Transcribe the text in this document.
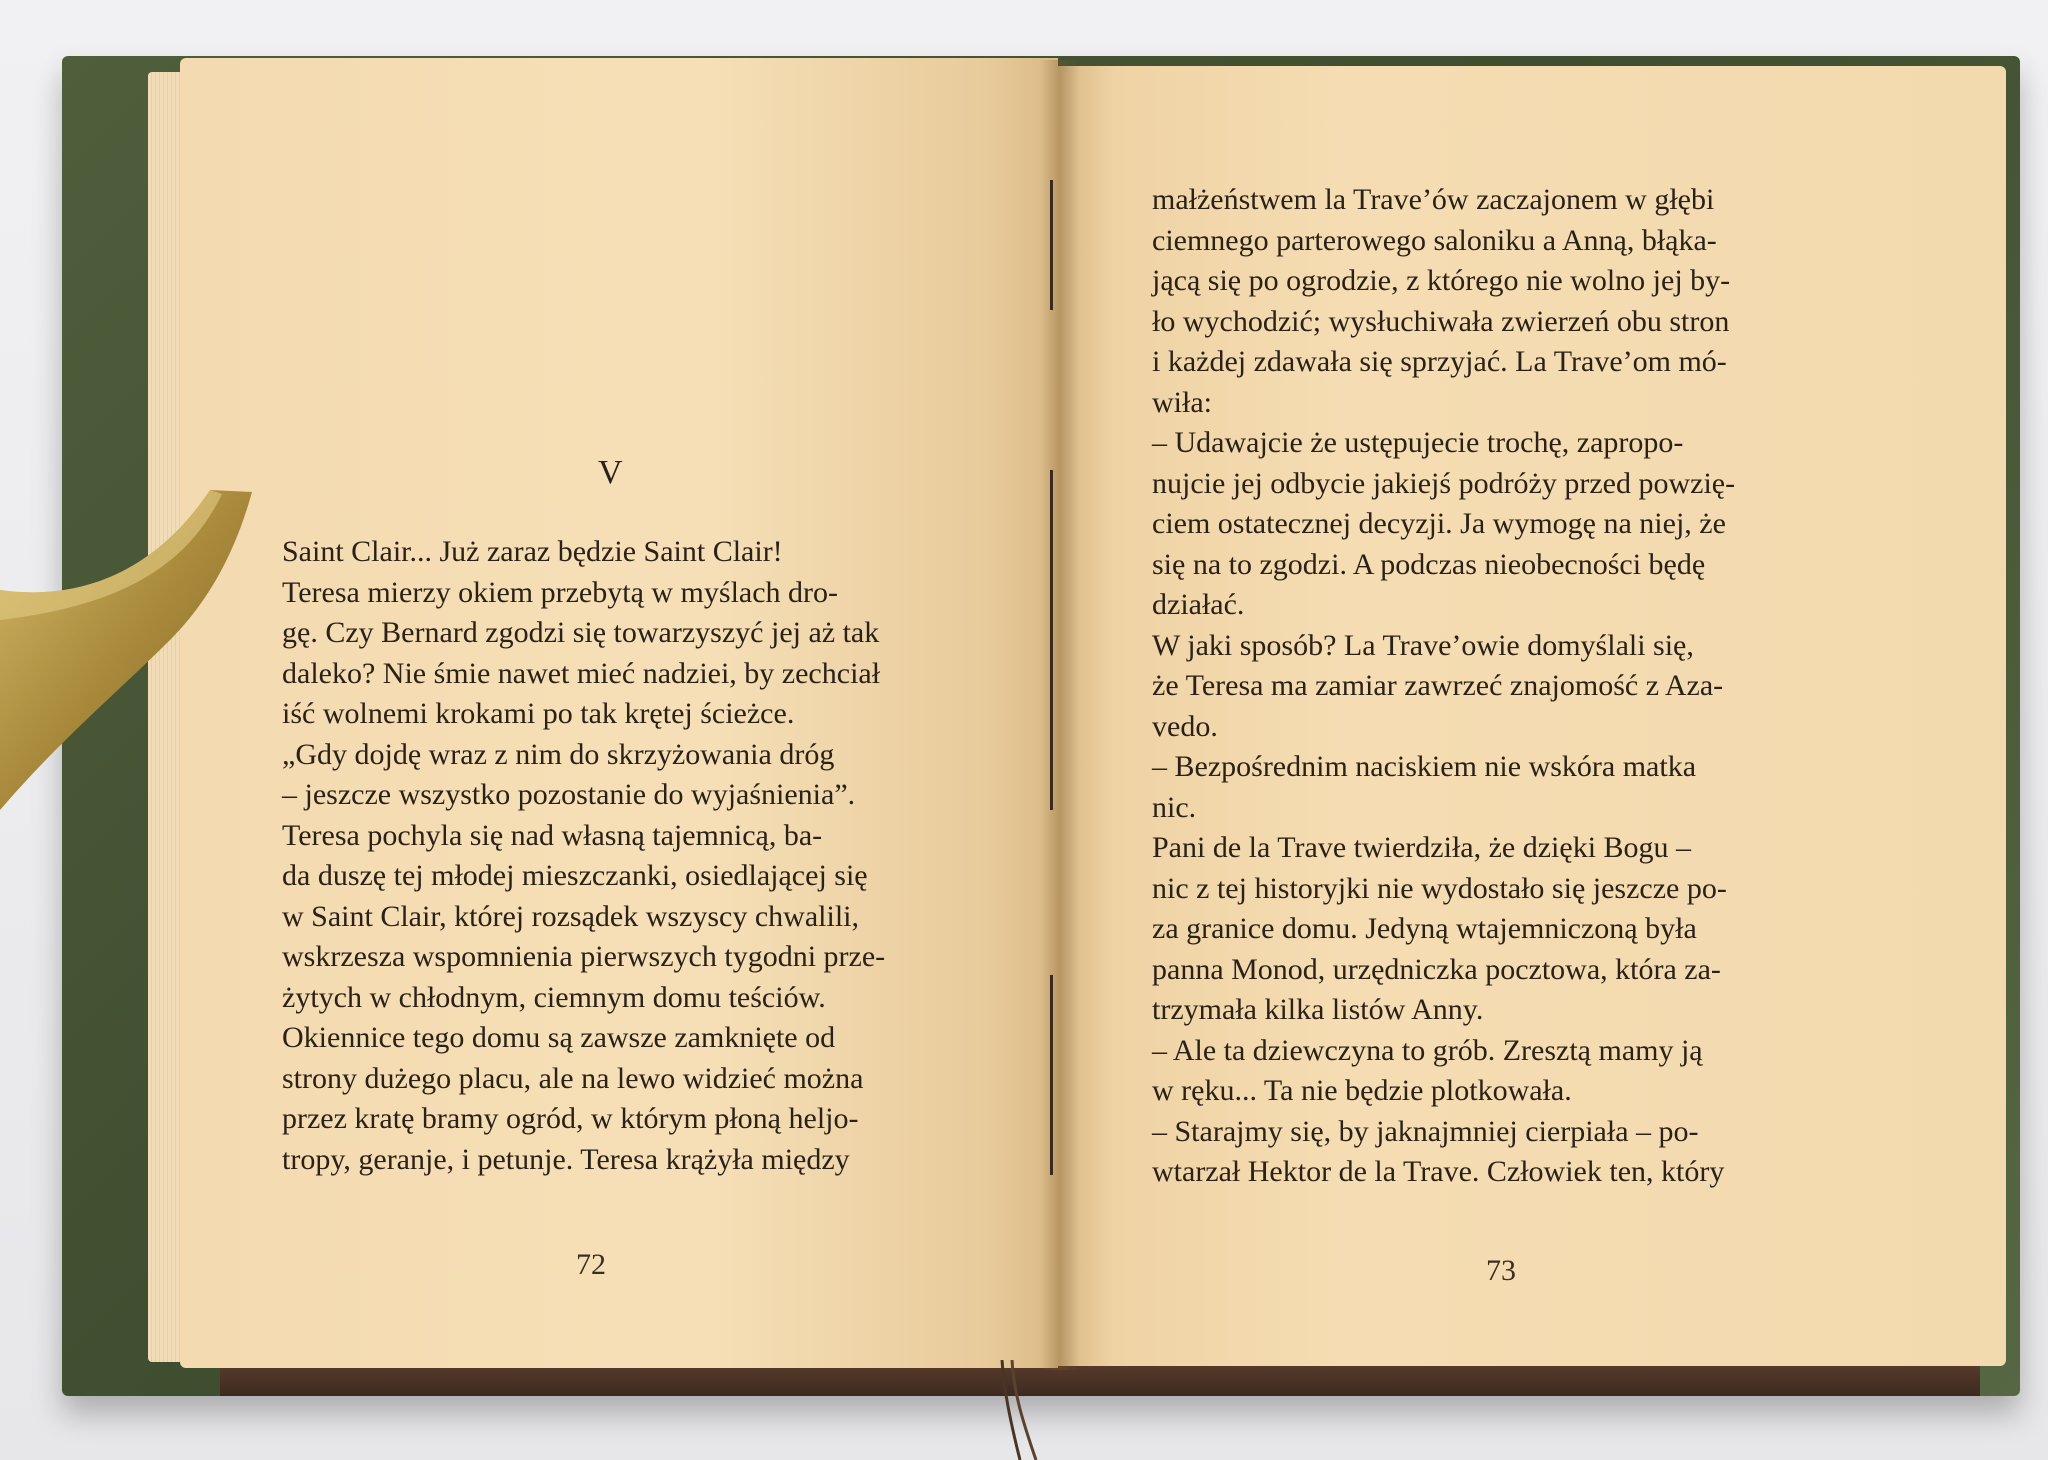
V
Saint Clair... Już zaraz będzie Saint Clair!
Teresa mierzy okiem przebytą w myślach dro-
gę. Czy Bernard zgodzi się towarzyszyć jej aż tak
daleko? Nie śmie nawet mieć nadziei, by zechciał
iść wolnemi krokami po tak krętej ścieżce.
„Gdy dojdę wraz z nim do skrzyżowania dróg
– jeszcze wszystko pozostanie do wyjaśnienia”.
Teresa pochyla się nad własną tajemnicą, ba-
da duszę tej młodej mieszczanki, osiedlającej się
w Saint Clair, której rozsądek wszyscy chwalili,
wskrzesza wspomnienia pierwszych tygodni prze-
żytych w chłodnym, ciemnym domu teściów.
Okiennice tego domu są zawsze zamknięte od
strony dużego placu, ale na lewo widzieć można
przez kratę bramy ogród, w którym płoną heljo-
tropy, geranje, i petunje. Teresa krążyła między
72
małżeństwem la Trave’ów zaczajonem w głębi
ciemnego parterowego saloniku a Anną, błąka-
jącą się po ogrodzie, z którego nie wolno jej by-
ło wychodzić; wysłuchiwała zwierzeń obu stron
i każdej zdawała się sprzyjać. La Trave’om mó-
wiła:
– Udawajcie że ustępujecie trochę, zapropo-
nujcie jej odbycie jakiejś podróży przed powzię-
ciem ostatecznej decyzji. Ja wymogę na niej, że
się na to zgodzi. A podczas nieobecności będę
działać.
W jaki sposób? La Trave’owie domyślali się,
że Teresa ma zamiar zawrzeć znajomość z Aza-
vedo.
– Bezpośrednim naciskiem nie wskóra matka
nic.
Pani de la Trave twierdziła, że dzięki Bogu –
nic z tej historyjki nie wydostało się jeszcze po-
za granice domu. Jedyną wtajemniczoną była
panna Monod, urzędniczka pocztowa, która za-
trzymała kilka listów Anny.
– Ale ta dziewczyna to grób. Zresztą mamy ją
w ręku... Ta nie będzie plotkowała.
– Starajmy się, by jaknajmniej cierpiała – po-
wtarzał Hektor de la Trave. Człowiek ten, który
73
